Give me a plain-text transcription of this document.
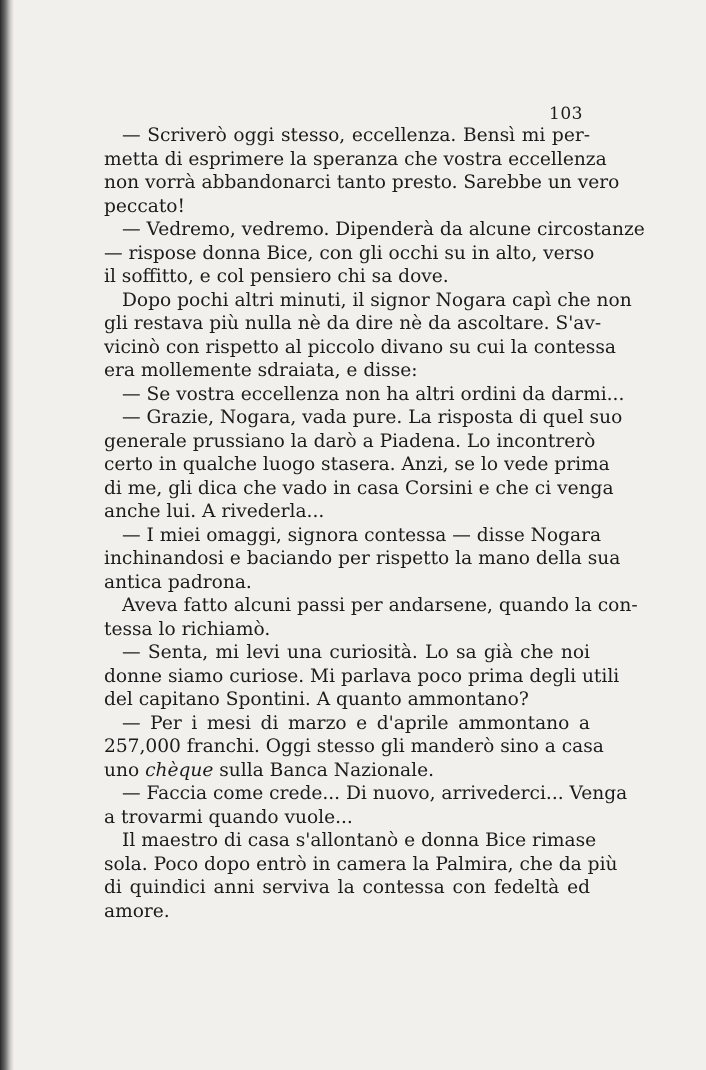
103
— Scriverò oggi stesso, eccellenza. Bensì mi per-
metta di esprimere la speranza che vostra eccellenza
non vorrà abbandonarci tanto presto. Sarebbe un vero
peccato!
— Vedremo, vedremo. Dipenderà da alcune circostanze
— rispose donna Bice, con gli occhi su in alto, verso
il soffitto, e col pensiero chi sa dove.
Dopo pochi altri minuti, il signor Nogara capì che non
gli restava più nulla nè da dire nè da ascoltare. S'av-
vicinò con rispetto al piccolo divano su cui la contessa
era mollemente sdraiata, e disse:
— Se vostra eccellenza non ha altri ordini da darmi...
— Grazie, Nogara, vada pure. La risposta di quel suo
generale prussiano la darò a Piadena. Lo incontrerò
certo in qualche luogo stasera. Anzi, se lo vede prima
di me, gli dica che vado in casa Corsini e che ci venga
anche lui. A rivederla...
— I miei omaggi, signora contessa — disse Nogara
inchinandosi e baciando per rispetto la mano della sua
antica padrona.
Aveva fatto alcuni passi per andarsene, quando la con-
tessa lo richiamò.
— Senta, mi levi una curiosità. Lo sa già che noi
donne siamo curiose. Mi parlava poco prima degli utili
del capitano Spontini. A quanto ammontano?
— Per i mesi di marzo e d'aprile ammontano a
257,000 franchi. Oggi stesso gli manderò sino a casa
uno chèque sulla Banca Nazionale.
— Faccia come crede... Di nuovo, arrivederci... Venga
a trovarmi quando vuole...
Il maestro di casa s'allontanò e donna Bice rimase
sola. Poco dopo entrò in camera la Palmira, che da più
di quindici anni serviva la contessa con fedeltà ed
amore.
